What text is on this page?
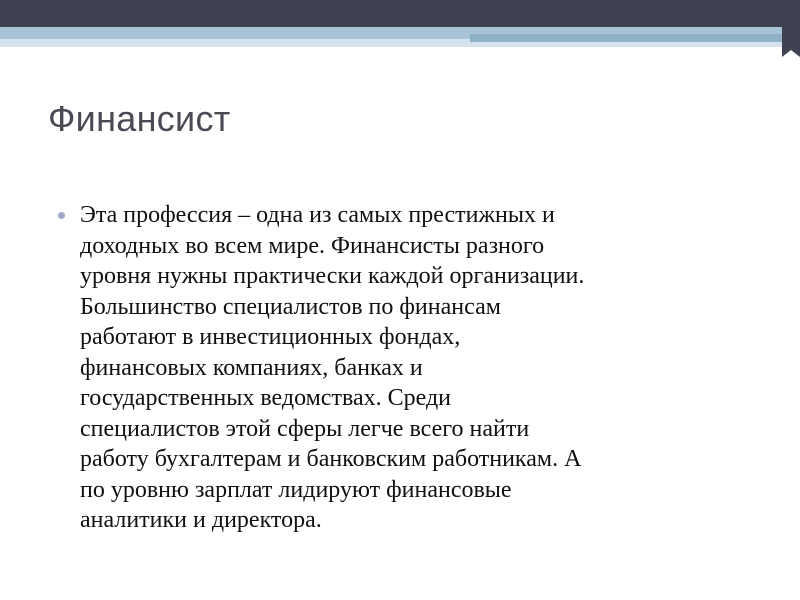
Финансист

Эта профессия – одна из самых престижных и
доходных во всем мире. Финансисты разного
уровня нужны практически каждой организации.
Большинство специалистов по финансам
работают в инвестиционных фондах,
финансовых компаниях, банках и
государственных ведомствах. Среди
специалистов этой сферы легче всего найти
работу бухгалтерам и банковским работникам. А
по уровню зарплат лидируют финансовые
аналитики и директора.
